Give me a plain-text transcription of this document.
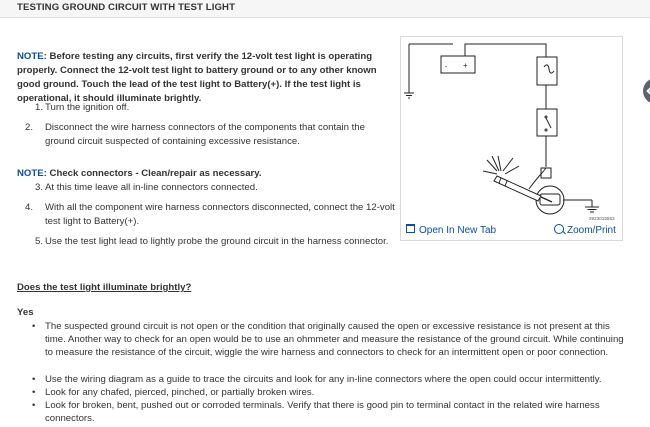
TESTING GROUND CIRCUIT WITH TEST LIGHT
NOTE: Before testing any circuits, first verify the 12-volt test light is operating properly. Connect the 12-volt test light to battery ground or to any other known good ground. Touch the lead of the test light to Battery(+). If the test light is operational, it should illuminate brightly.
1. Turn the ignition off.
2. Disconnect the wire harness connectors of the components that contain the ground circuit suspected of containing excessive resistance.
NOTE: Check connectors - Clean/repair as necessary.
3. At this time leave all in-line connectors connected.
4. With all the component wire harness connectors disconnected, connect the 12-volt test light to Battery(+).
5. Use the test light lead to lightly probe the ground circuit in the harness connector.
- +
2923015553
Open In New Tab	Zoom/Print
Does the test light illuminate brightly?
Yes
•	The suspected ground circuit is not open or the condition that originally caused the open or excessive resistance is not present at this time. Another way to check for an open would be to use an ohmmeter and measure the resistance of the ground circuit. While continuing to measure the resistance of the circuit, wiggle the wire harness and connectors to check for an intermittent open or poor connection.
•	Use the wiring diagram as a guide to trace the circuits and look for any in-line connectors where the open could occur intermittently.
•	Look for any chafed, pierced, pinched, or partially broken wires.
•	Look for broken, bent, pushed out or corroded terminals. Verify that there is good pin to terminal contact in the related wire harness connectors.
